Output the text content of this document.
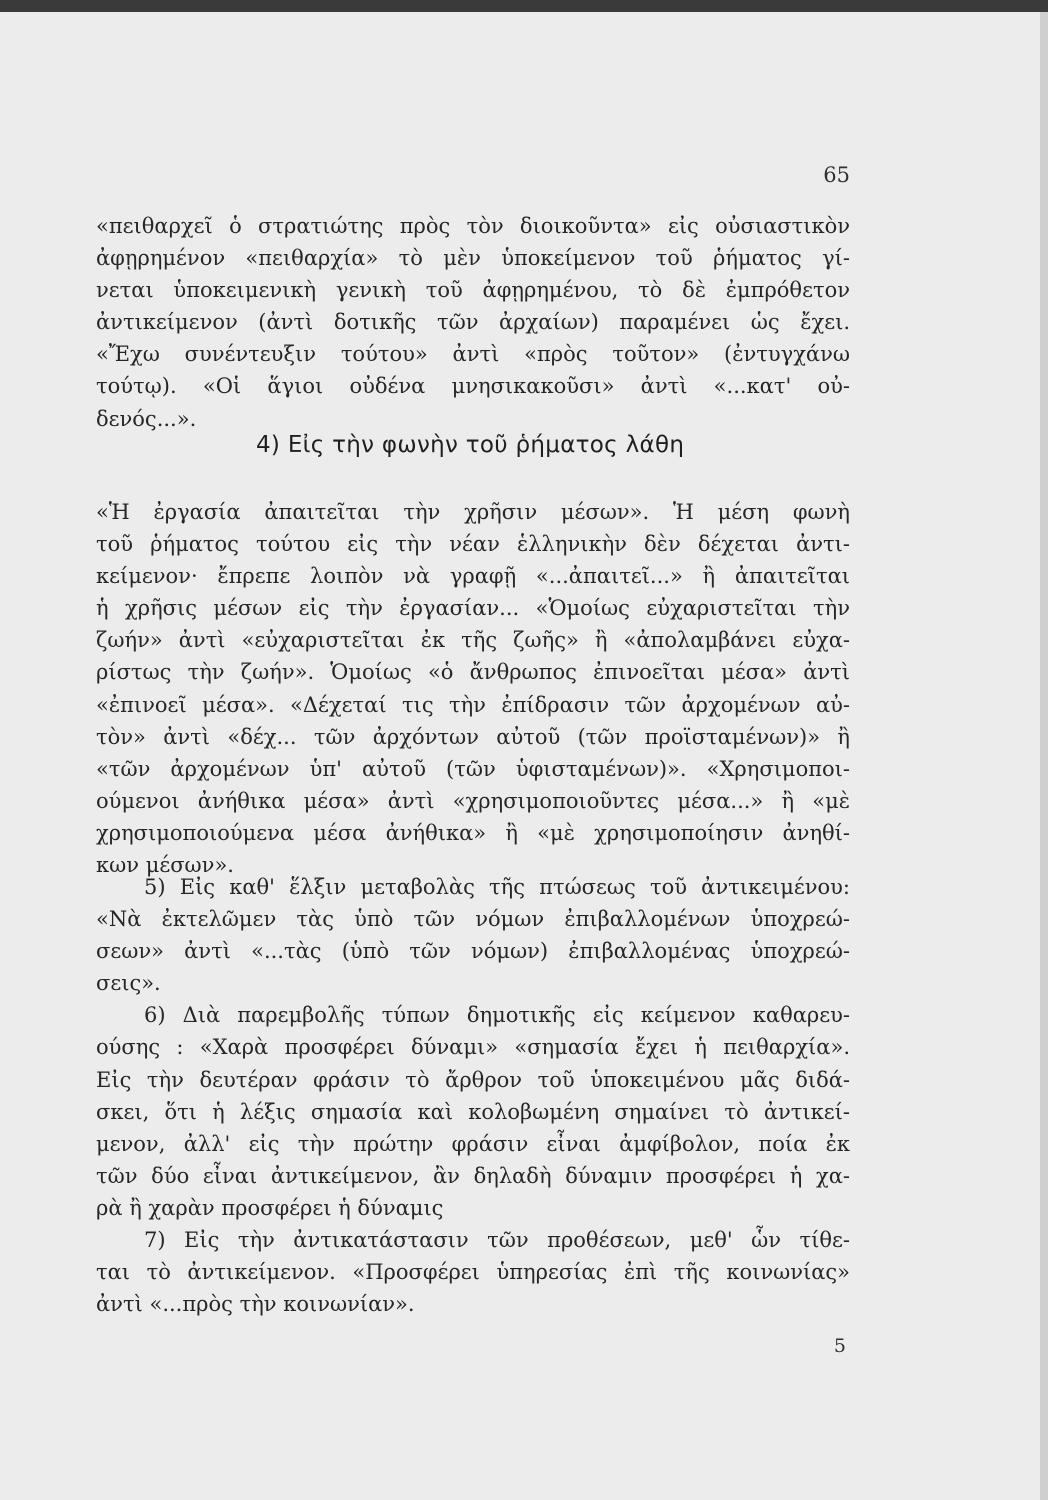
65
«πειθαρχεῖ ὁ στρατιώτης πρὸς τὸν διοικοῦντα» εἰς οὐσιαστικὸν
ἀφῃρημένον «πειθαρχία» τὸ μὲν ὑποκείμενον τοῦ ῥήματος γί-
νεται ὑποκειμενικὴ γενικὴ τοῦ ἀφῃρημένου, τὸ δὲ ἐμπρόθετον
ἀντικείμενον (ἀντὶ δοτικῆς τῶν ἀρχαίων) παραμένει ὡς ἔχει.
«Ἔχω συνέντευξιν τούτου» ἀντὶ «πρὸς τοῦτον» (ἐντυγχάνω
τούτῳ). «Οἱ ἅγιοι οὐδένα μνησικακοῦσι» ἀντὶ «...κατ' οὐ-
δενός...».
4) Εἰς τὴν φωνὴν τοῦ ῥήματος λάθη
«Ἡ ἐργασία ἀπαιτεῖται τὴν χρῆσιν μέσων». Ἡ μέση φωνὴ
τοῦ ῥήματος τούτου εἰς τὴν νέαν ἑλληνικὴν δὲν δέχεται ἀντι-
κείμενον· ἔπρεπε λοιπὸν νὰ γραφῇ «...ἀπαιτεῖ...» ἢ ἀπαιτεῖται
ἡ χρῆσις μέσων εἰς τὴν ἐργασίαν... «Ὁμοίως εὐχαριστεῖται τὴν
ζωήν» ἀντὶ «εὐχαριστεῖται ἐκ τῆς ζωῆς» ἢ «ἀπολαμβάνει εὐχα-
ρίστως τὴν ζωήν». Ὁμοίως «ὁ ἄνθρωπος ἐπινοεῖται μέσα» ἀντὶ
«ἐπινοεῖ μέσα». «Δέχεταί τις τὴν ἐπίδρασιν τῶν ἀρχομένων αὐ-
τὸν» ἀντὶ «δέχ... τῶν ἀρχόντων αὐτοῦ (τῶν προϊσταμένων)» ἢ
«τῶν ἀρχομένων ὑπ' αὐτοῦ (τῶν ὑφισταμένων)». «Χρησιμοποι-
ούμενοι ἀνήθικα μέσα» ἀντὶ «χρησιμοποιοῦντες μέσα...» ἢ «μὲ
χρησιμοποιούμενα μέσα ἀνήθικα» ἢ «μὲ χρησιμοποίησιν ἀνηθί-
κων μέσων».
5) Εἰς καθ' ἕλξιν μεταβολὰς τῆς πτώσεως τοῦ ἀντικειμένου:
«Νὰ ἐκτελῶμεν τὰς ὑπὸ τῶν νόμων ἐπιβαλλομένων ὑποχρεώ-
σεων» ἀντὶ «...τὰς (ὑπὸ τῶν νόμων) ἐπιβαλλομένας ὑποχρεώ-
σεις».
6) Διὰ παρεμβολῆς τύπων δημοτικῆς εἰς κείμενον καθαρευ-
ούσης : «Χαρὰ προσφέρει δύναμι» «σημασία ἔχει ἡ πειθαρχία».
Εἰς τὴν δευτέραν φράσιν τὸ ἄρθρον τοῦ ὑποκειμένου μᾶς διδά-
σκει, ὅτι ἡ λέξις σημασία καὶ κολοβωμένη σημαίνει τὸ ἀντικεί-
μενον, ἀλλ' εἰς τὴν πρώτην φράσιν εἶναι ἀμφίβολον, ποία ἐκ
τῶν δύο εἶναι ἀντικείμενον, ἂν δηλαδὴ δύναμιν προσφέρει ἡ χα-
ρὰ ἢ χαρὰν προσφέρει ἡ δύναμις
7) Εἰς τὴν ἀντικατάστασιν τῶν προθέσεων, μεθ' ὧν τίθε-
ται τὸ ἀντικείμενον. «Προσφέρει ὑπηρεσίας ἐπὶ τῆς κοινωνίας»
ἀντὶ «...πρὸς τὴν κοινωνίαν».
5
